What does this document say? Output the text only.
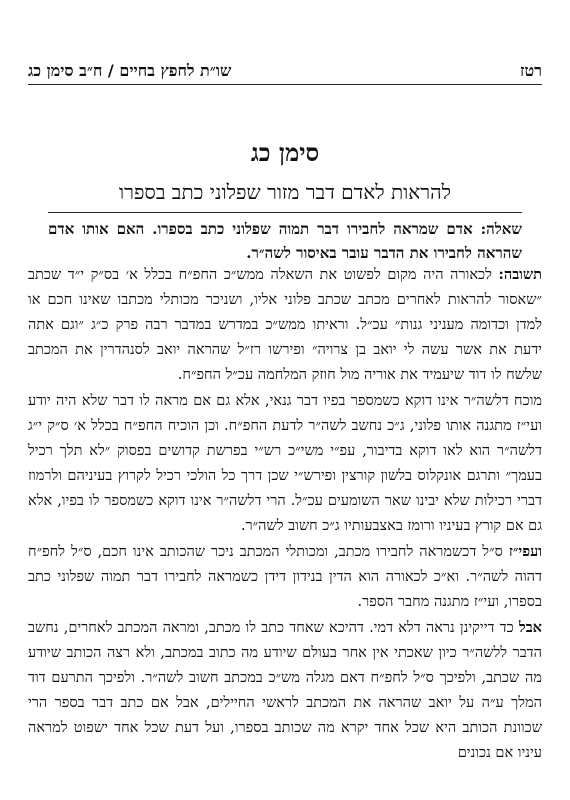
רטז
שו״ת לחפץ בחיים / ח״ב סימן כג
סימן כג
להראות לאדם דבר מזור שפלוני כתב בספרו
שאלה: אדם שמראה לחבירו דבר תמוה שפלוני כתב בספרו. האם אותו אדם שהראה לחבירו את הדבר עובר באיסור לשה״ר.

תשובה: לכאורה היה מקום לפשוט את השאלה ממש״כ החפ״ח בכלל א׳ בס״ק י״ד שכתב ״שאסור להראות לאחרים מכתב שכתב פלוני אליו, ושניכר מכותלי מכתבו שאינו חכם או למדן וכדומה מעניני גנות״ עכ״ל. וראיתו ממש״כ במדרש במדבר רבה פרק כ״ג ״וגם אתה ידעת את אשר עשה לי יואב בן צרויה״ ופירשו רז״ל שהראה יואב לסנהדרין את המכתב שלשח לו דוד שיעמיד את אוריה מול חוזק המלחמה עכ״ל החפ״ח.

מוכח דלשה״ר אינו דוקא כשמספר בפיו דבר גנאי, אלא גם אם מראה לו דבר שלא היה יודע ועי״ז מתגנה אותו פלוני, ג״כ נחשב לשה״ר לדעת החפ״ח. וכן הוכיח החפ״ח בכלל א׳ ס״ק י״ג דלשה״ר הוא לאו דוקא בדיבור, עפ״י משי״כ רש״י בפרשת קדושים בפסוק ״לא תלך רכיל בעמך״ ותרגם אונקלוס בלשון קורצין ופירש״י שכן דרך כל הולכי רכיל לקרוץ בעיניהם ולרמוז דברי רכילות שלא יבינו שאר השומעים עכ״ל. הרי דלשה״ר אינו דוקא כשמספר לו בפיו, אלא גם אם קורץ בעיניו ורומז באצבעותיו ג״כ חשוב לשה״ר.

ועפי״ז ס״ל דכשמראה לחבירו מכתב, ומכותלי המכתב ניכר שהכותב אינו חכם, ס״ל לחפ״ח דהוה לשה״ר. וא״כ לכאורה הוא הדין בנידון דידן כשמראה לחבירו דבר תמוה שפלוני כתב בספרו, ועי״ז מתגנה מחבר הספר.

אבל כד דייקינן נראה דלא דמי. דהיכא שאחד כתב לו מכתב, ומראה המכתב לאחרים, נחשב הדבר ללשה״ר כיון שאכתי אין אחר בעולם שיודע מה כתוב במכתב, ולא רצה הכותב שיודע מה שכתב, ולפיכך ס״ל לחפ״ח דאם מגלה מש״כ במכתב חשוב לשה״ר. ולפיכך התרעם דוד המלך ע״ה על יואב שהראה את המכתב לראשי החיילים, אבל אם כתב דבר בספר הרי שכוונת הכותב היא שכל אחד יקרא מה שכותב בספרו, ועל דעת שכל אחד ישפוט למראה עיניו אם נכונים
